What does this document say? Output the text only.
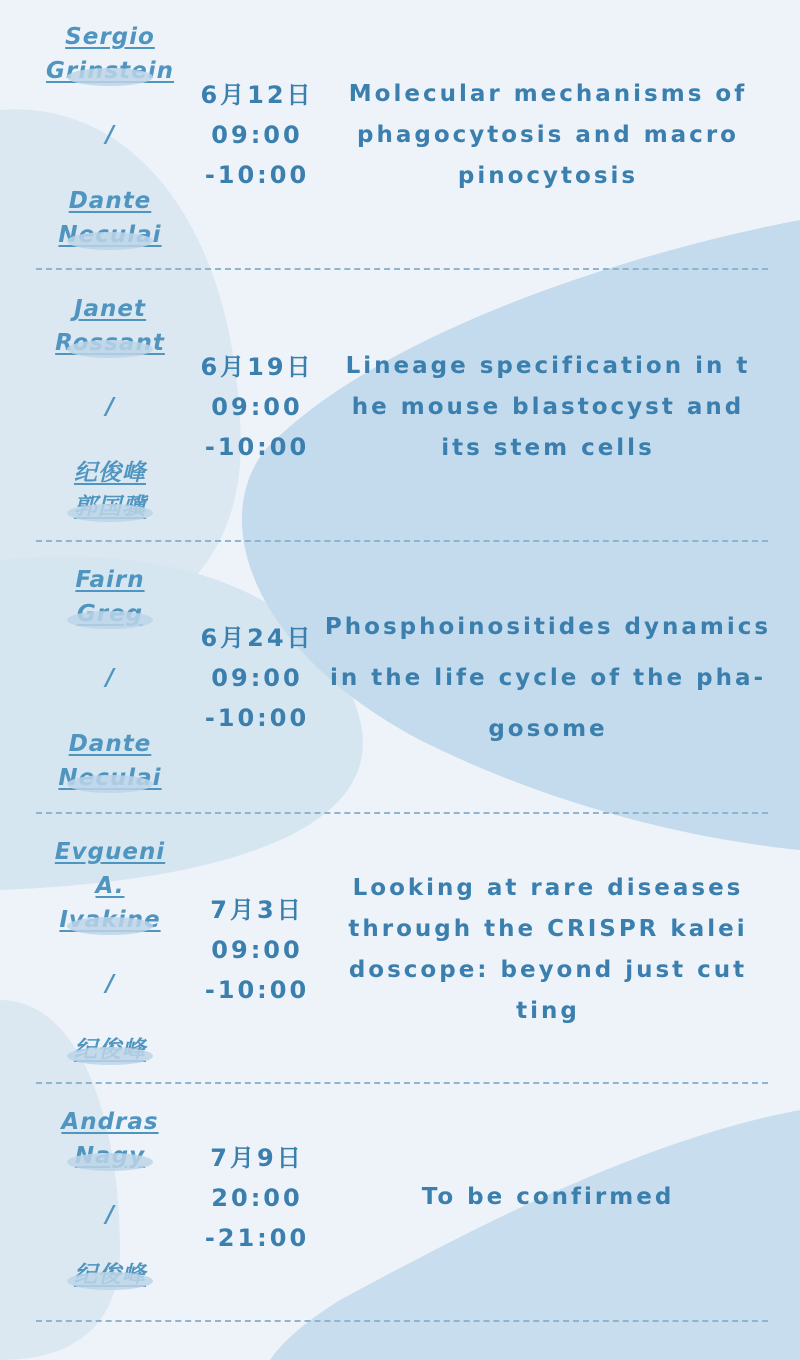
Sergio
Grinstein
/
Dante
Neculai
6月12日
09:00
-10:00
Molecular mechanisms of
phagocytosis and macro
pinocytosis
Janet
Rossant
/
纪俊峰
郭国骥
6月19日
09:00
-10:00
Lineage specification in t
he mouse blastocyst and
its stem cells
Fairn
Greg
/
Dante
Neculai
6月24日
09:00
-10:00
Phosphoinositides dynamics
in the life cycle of the pha-
gosome
Evgueni
A.
Ivakine
/
纪俊峰
7月3日
09:00
-10:00
Looking at rare diseases
through the CRISPR kalei
doscope: beyond just cut
ting
Andras
Nagy
/
纪俊峰
7月9日
20:00
-21:00
To be confirmed
